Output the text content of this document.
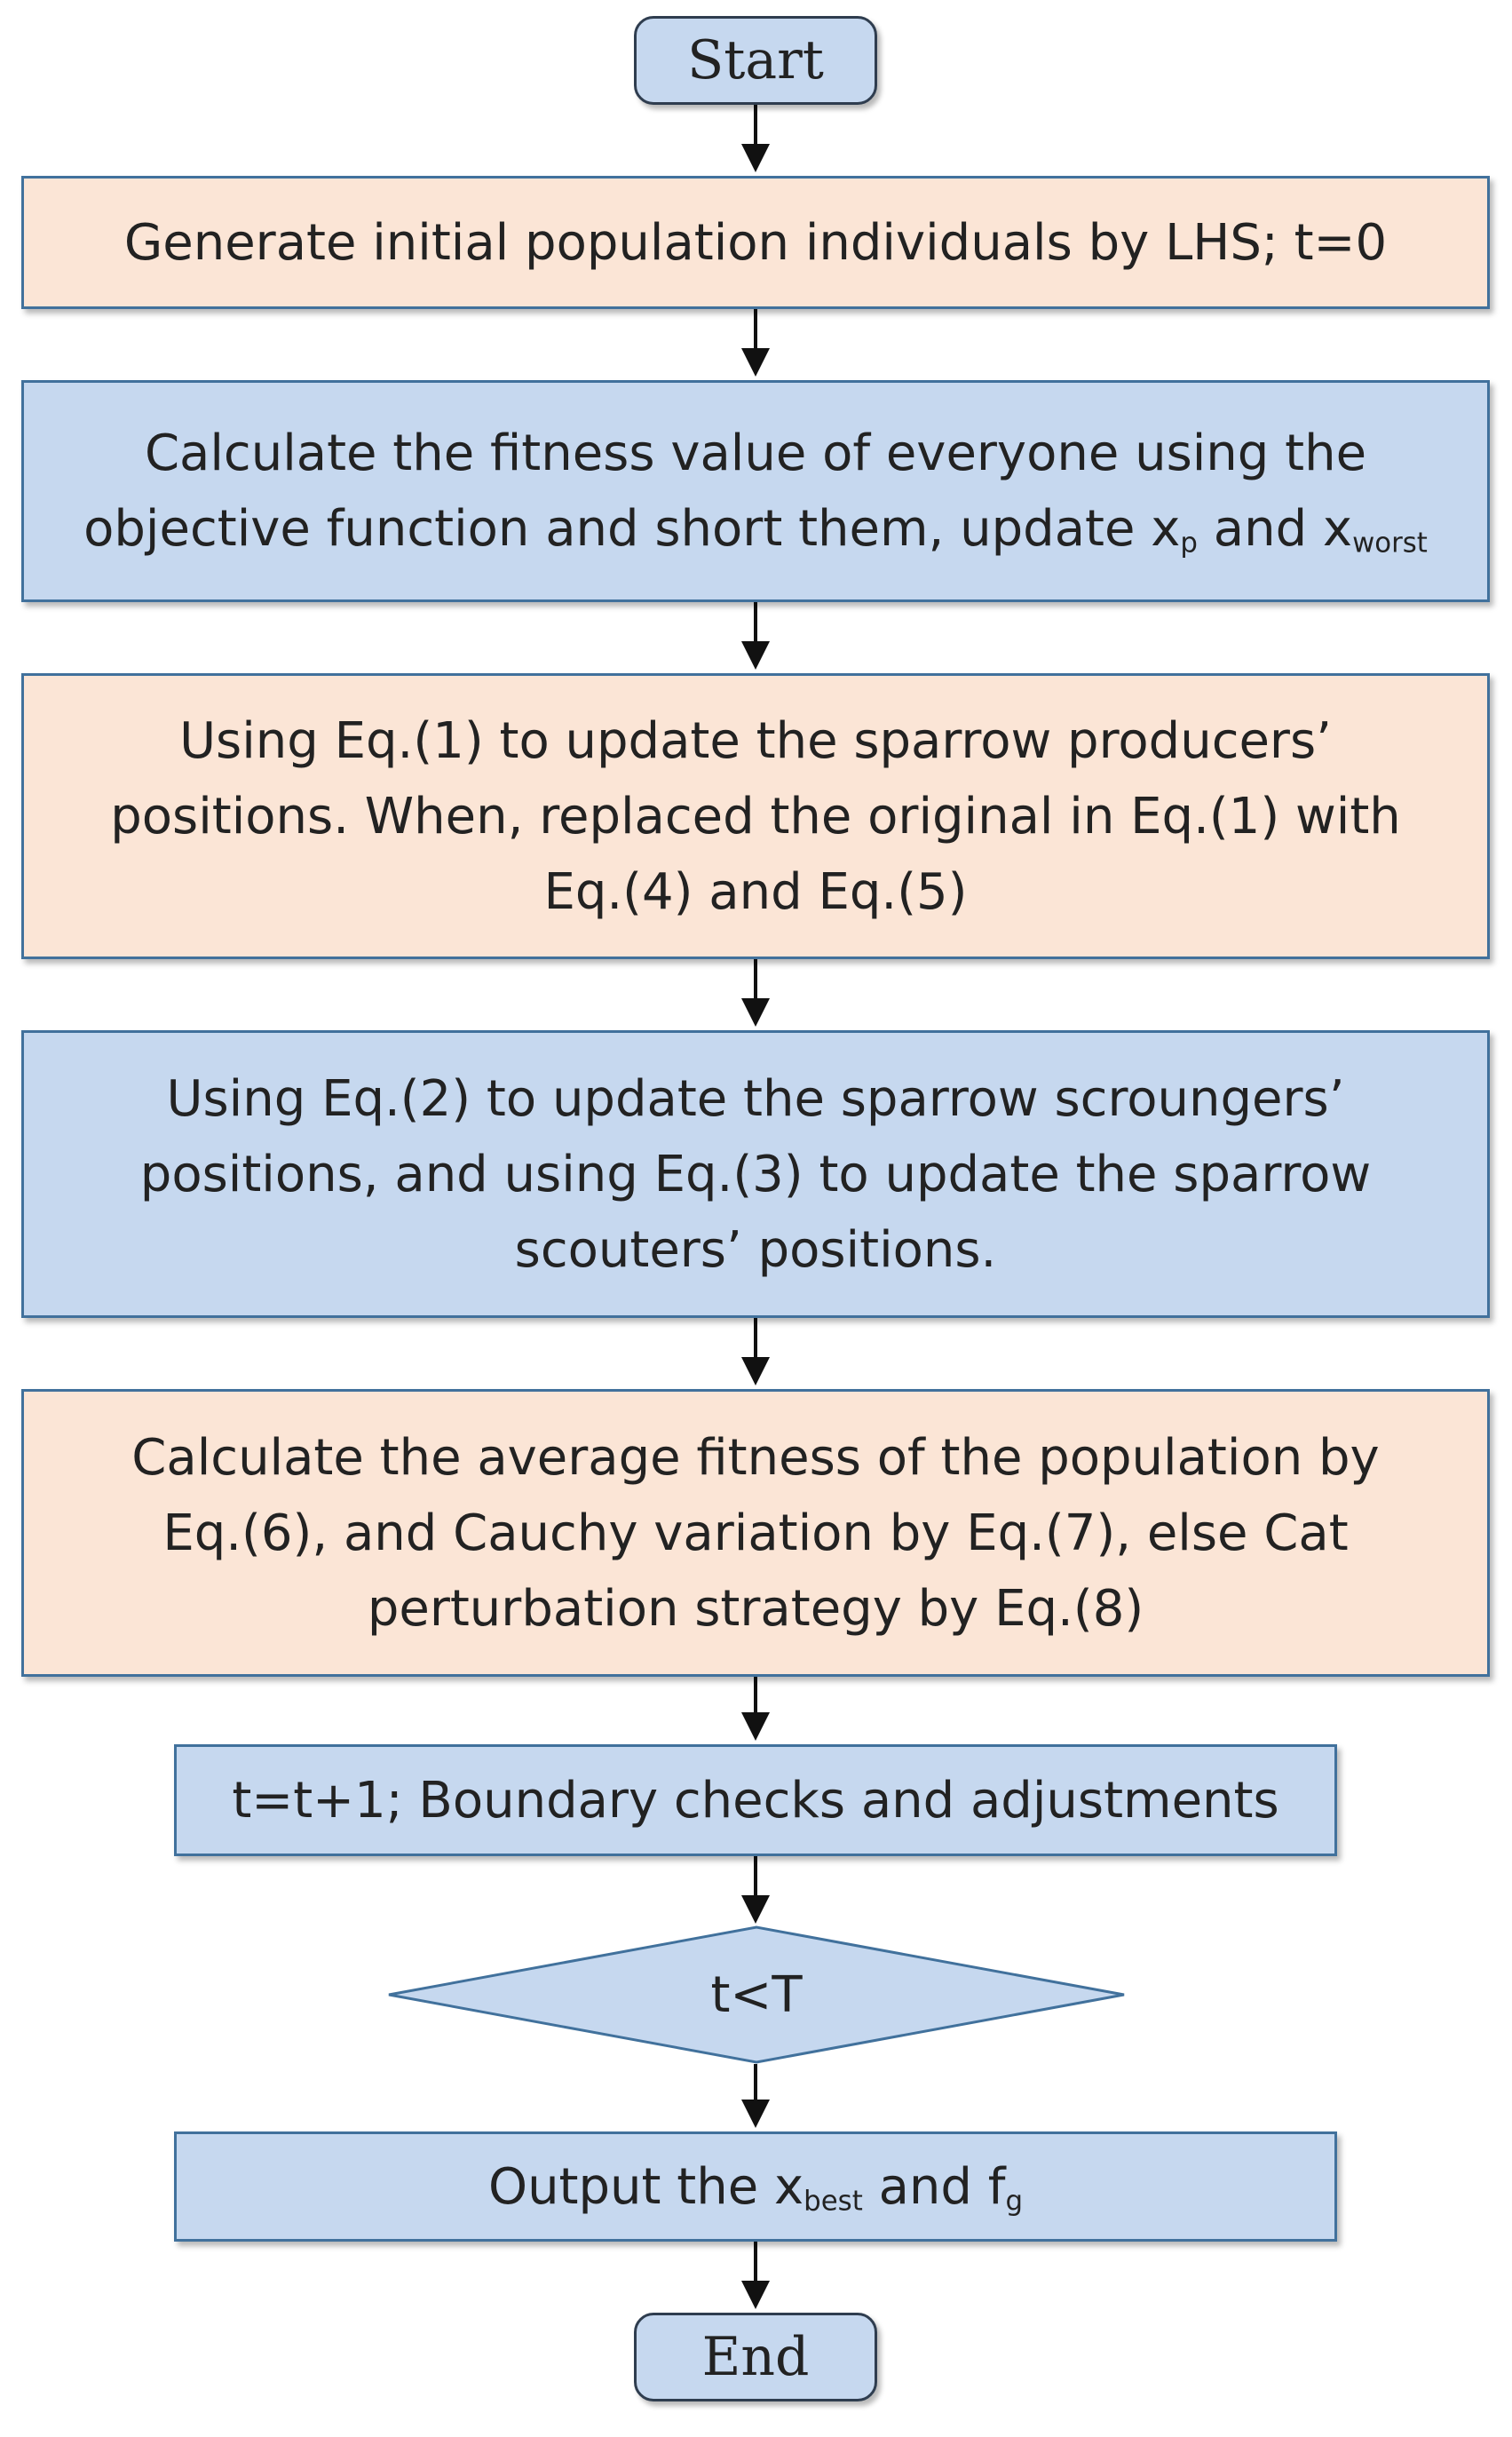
Start
Generate initial population individuals by LHS; t=0
Calculate the fitness value of everyone using the
objective function and short them, update $x_p$ and $x_{worst}$
Using Eq.(1) to update the sparrow producers’ positions. When, replaced the original in Eq.(1) with Eq.(4) and Eq.(5)
Using Eq.(2) to update the sparrow scroungers’ positions, and using Eq.(3) to update the sparrow scouters’ positions.
Calculate the average fitness of the population by Eq.(6), and Cauchy variation by Eq.(7), else Cat perturbation strategy by Eq.(8)
t=t+1; Boundary checks and adjustments
t<T
Output the $x_{best}$ and $f_g$
End
